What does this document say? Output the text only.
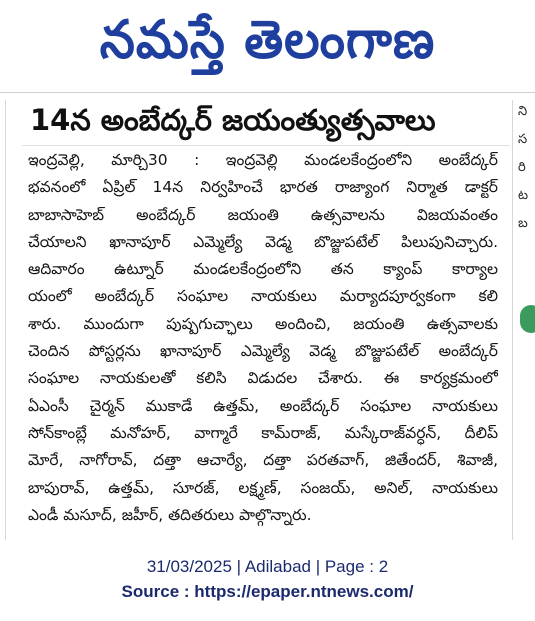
నమస్తే తెలంగాణ
ని
స
రి
ట
బ
14న అంబేద్కర్ జయంత్యుత్సవాలు
ఇంద్రవెల్లి, మార్చి30 : ఇంద్రవెల్లి మండలకేంద్రంలోని అంబేద్కర్
భవనంలో ఏప్రిల్ 14న నిర్వహించే భారత రాజ్యాంగ నిర్మాత డాక్టర్
బాబాసాహెబ్ అంబేద్కర్ జయంతి ఉత్సవాలను విజయవంతం
చేయాలని ఖానాపూర్ ఎమ్మెల్యే వెడ్మ బొజ్జుపటేల్ పిలుపునిచ్చారు.
ఆదివారం ఉట్నూర్ మండలకేంద్రంలోని తన క్యాంప్ కార్యాల
యంలో అంబేద్కర్ సంఘాల నాయకులు మర్యాదపూర్వకంగా కలి
శారు. ముందుగా పుష్పగుచ్ఛాలు అందించి, జయంతి ఉత్సవాలకు
చెందిన పోస్టర్లను ఖానాపూర్ ఎమ్మెల్యే వెడ్మ బొజ్జుపటేల్ అంబేద్కర్
సంఘాల నాయకులతో కలిసి విడుదల చేశారు. ఈ కార్యక్రమంలో
ఏఎంసీ చైర్మన్ ముకాడే ఉత్తమ్, అంబేద్కర్ సంఘాల నాయకులు
సోన్‌కాంబ్లే మనోహర్, వాగ్మారే కామ్‌రాజ్, మస్కేరాజ్‌వర్ధన్, దీలిప్
మోరే, నాగోరావ్, దత్తా ఆచార్యే, దత్తా పరతవాగ్, జితేందర్, శివాజీ,
బాపురావ్, ఉత్తమ్, సూరజ్, లక్ష్మణ్, సంజయ్, అనిల్, నాయకులు
ఎండీ మసూద్, జహీర్, తదితరులు పాల్గొన్నారు.
31/03/2025 | Adilabad | Page : 2
Source : https://epaper.ntnews.com/
